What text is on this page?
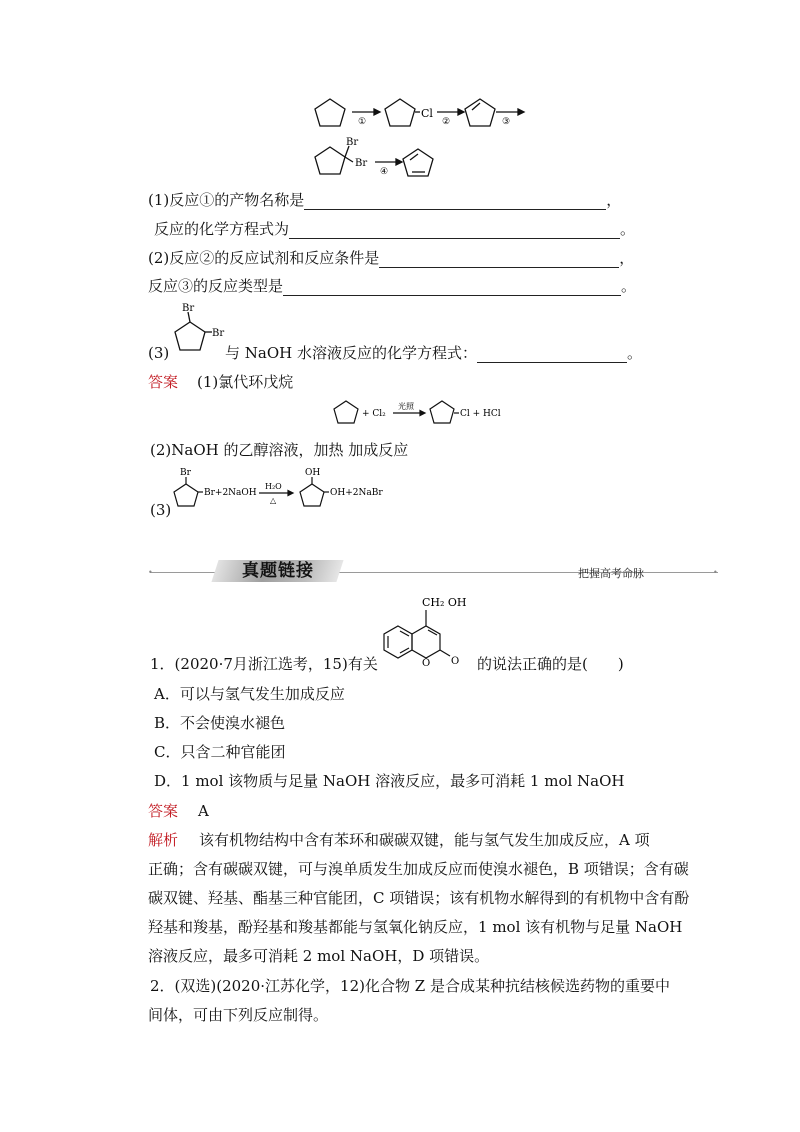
Cl
①	②	③
Br
Br
④
(1)反应①的产物名称是	，
反应的化学方程式为	。
(2)反应②的反应试剂和反应条件是	，
反应③的反应类型是	。
Br
Br
(3)	与 NaOH 水溶液反应的化学方程式：	。
答案 (1)氯代环戊烷
+ Cl₂
光照
Cl + HCl
(2)NaOH 的乙醇溶液，加热 加成反应
Br
Br+2NaOH
H₂O
△
OH
OH+2NaBr
(3)
•	•
真题链接	把握高考命脉
CH₂ OH
O O
1．(2020·7月浙江选考，15)有关	的说法正确的是(　　)
A．可以与氢气发生加成反应
B．不会使溴水褪色
C．只含二种官能团
D．1 mol 该物质与足量 NaOH 溶液反应，最多可消耗 1 mol NaOH
答案 A
解析 该有机物结构中含有苯环和碳碳双键，能与氢气发生加成反应，A 项
正确；含有碳碳双键，可与溴单质发生加成反应而使溴水褪色，B 项错误；含有碳
碳双键、羟基、酯基三种官能团，C 项错误；该有机物水解得到的有机物中含有酚
羟基和羧基，酚羟基和羧基都能与氢氧化钠反应，1 mol 该有机物与足量 NaOH
溶液反应，最多可消耗 2 mol NaOH，D 项错误。
2．(双选)(2020·江苏化学，12)化合物 Z 是合成某种抗结核候选药物的重要中
间体，可由下列反应制得。
